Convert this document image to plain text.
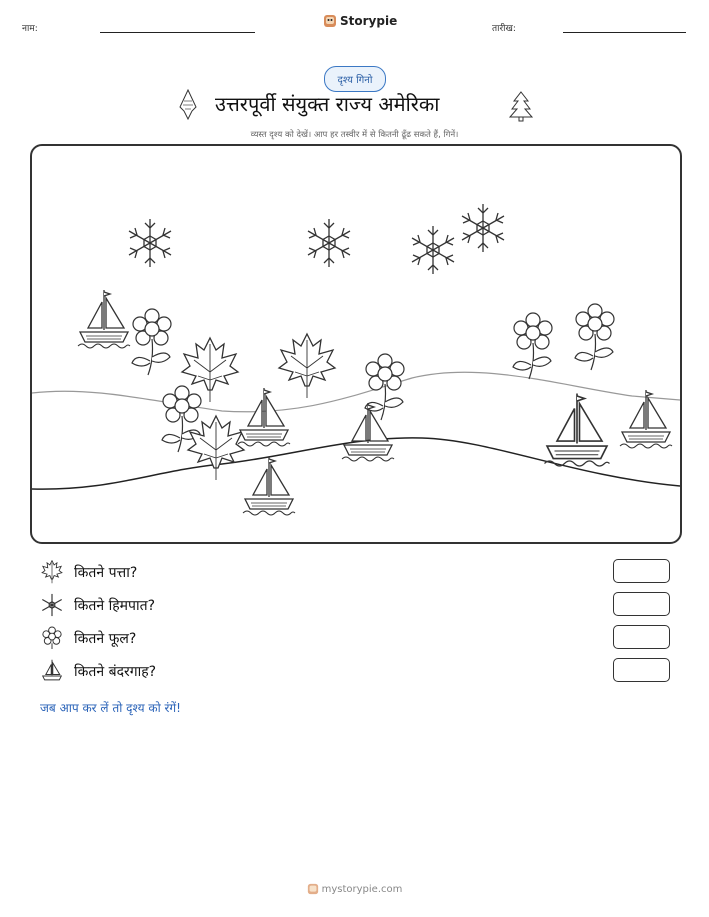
नाम:
Storypie
तारीख:
दृश्य गिनो
उत्तरपूर्वी संयुक्त राज्य अमेरिका
व्यस्त दृश्य को देखें। आप हर तस्वीर में से कितनी ढूँढ सकते हैं, गिनें।
कितने पत्ता?
कितने हिमपात?
कितने फूल?
कितने बंदरगाह?
जब आप कर लें तो दृश्य को रंगें!
mystorypie.com
